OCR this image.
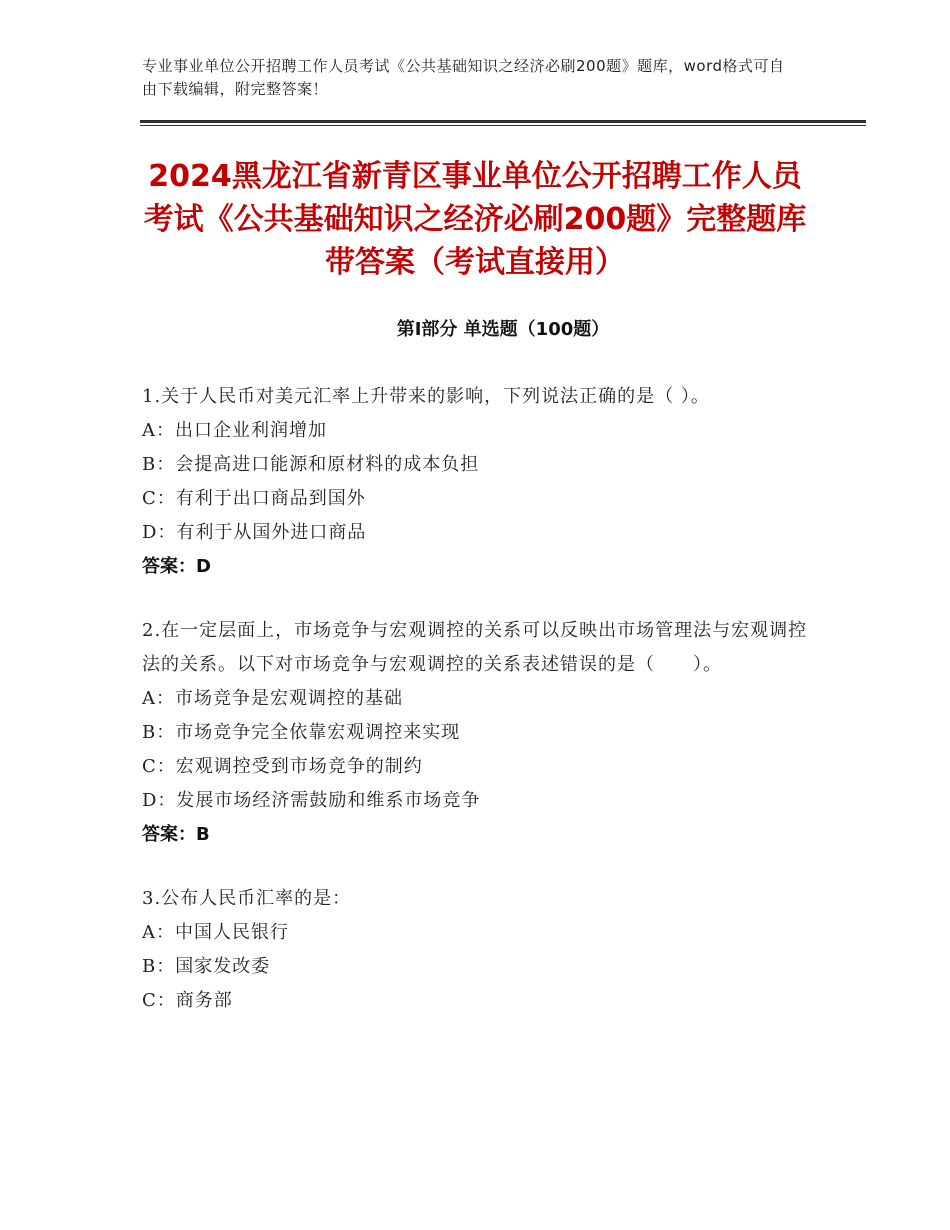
专业事业单位公开招聘工作人员考试《公共基础知识之经济必刷200题》题库，word格式可自由下载编辑，附完整答案！
2024黑龙江省新青区事业单位公开招聘工作人员考试《公共基础知识之经济必刷200题》完整题库带答案（考试直接用）
第Ⅰ部分 单选题（100题）
1.关于人民币对美元汇率上升带来的影响，下列说法正确的是（ ）。
A：出口企业利润增加
B：会提高进口能源和原材料的成本负担
C：有利于出口商品到国外
D：有利于从国外进口商品
答案：D
2.在一定层面上，市场竞争与宏观调控的关系可以反映出市场管理法与宏观调控法的关系。以下对市场竞争与宏观调控的关系表述错误的是（　　）。
A：市场竞争是宏观调控的基础
B：市场竞争完全依靠宏观调控来实现
C：宏观调控受到市场竞争的制约
D：发展市场经济需鼓励和维系市场竞争
答案：B
3.公布人民币汇率的是：
A：中国人民银行
B：国家发改委
C：商务部
